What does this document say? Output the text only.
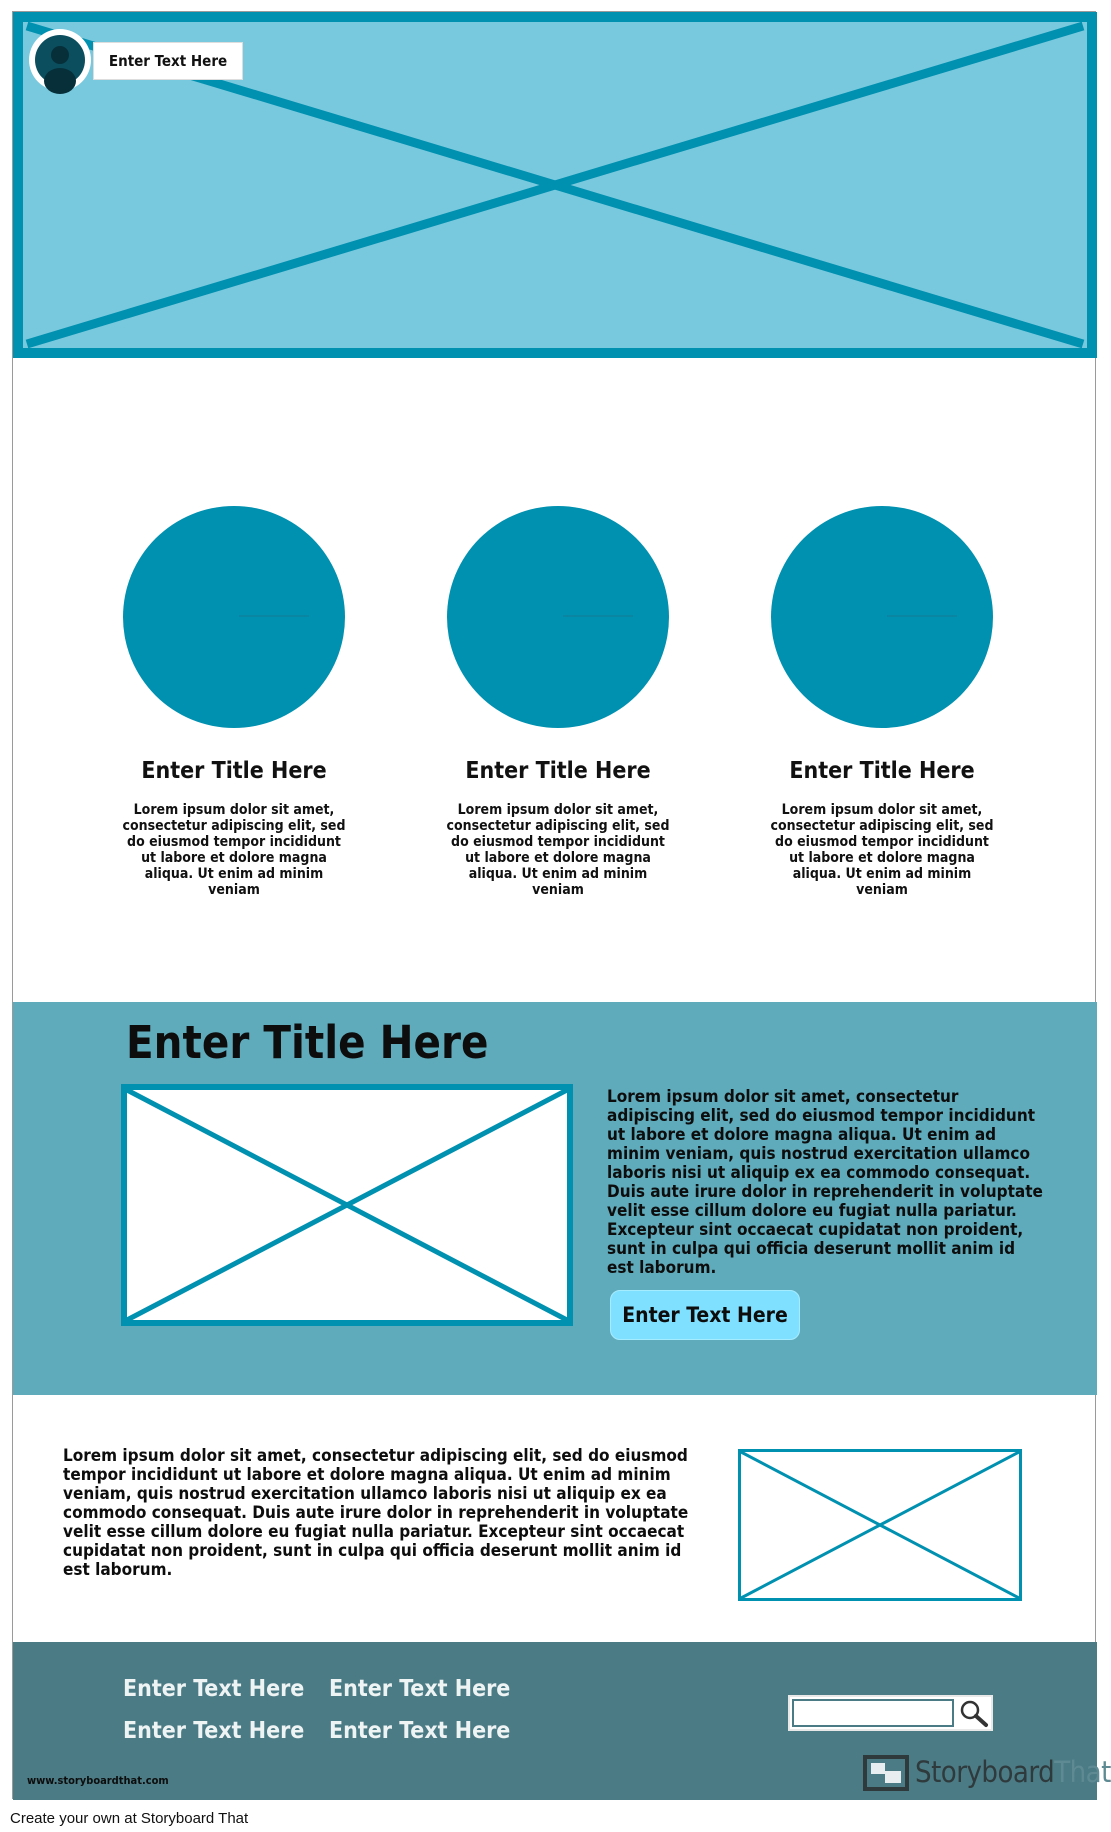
Enter Text Here
Enter Title Here
Lorem ipsum dolor sit amet, consectetur adipiscing elit, sed do eiusmod tempor incididunt ut labore et dolore magna aliqua. Ut enim ad minim veniam
Enter Title Here
Lorem ipsum dolor sit amet, consectetur adipiscing elit, sed do eiusmod tempor incididunt ut labore et dolore magna aliqua. Ut enim ad minim veniam
Enter Title Here
Lorem ipsum dolor sit amet, consectetur adipiscing elit, sed do eiusmod tempor incididunt ut labore et dolore magna aliqua. Ut enim ad minim veniam
Enter Title Here
Lorem ipsum dolor sit amet, consectetur adipiscing elit, sed do eiusmod tempor incididunt ut labore et dolore magna aliqua. Ut enim ad minim veniam, quis nostrud exercitation ullamco laboris nisi ut aliquip ex ea commodo consequat. Duis aute irure dolor in reprehenderit in voluptate velit esse cillum dolore eu fugiat nulla pariatur. Excepteur sint occaecat cupidatat non proident, sunt in culpa qui officia deserunt mollit anim id est laborum.
Enter Text Here
Lorem ipsum dolor sit amet, consectetur adipiscing elit, sed do eiusmod tempor incididunt ut labore et dolore magna aliqua. Ut enim ad minim veniam, quis nostrud exercitation ullamco laboris nisi ut aliquip ex ea commodo consequat. Duis aute irure dolor in reprehenderit in voluptate velit esse cillum dolore eu fugiat nulla pariatur. Excepteur sint occaecat cupidatat non proident, sunt in culpa qui officia deserunt mollit anim id est laborum.
Enter Text Here Enter Text Here
Enter Text Here Enter Text Here
www.storyboardthat.com	StoryboardThat
Create your own at Storyboard That
